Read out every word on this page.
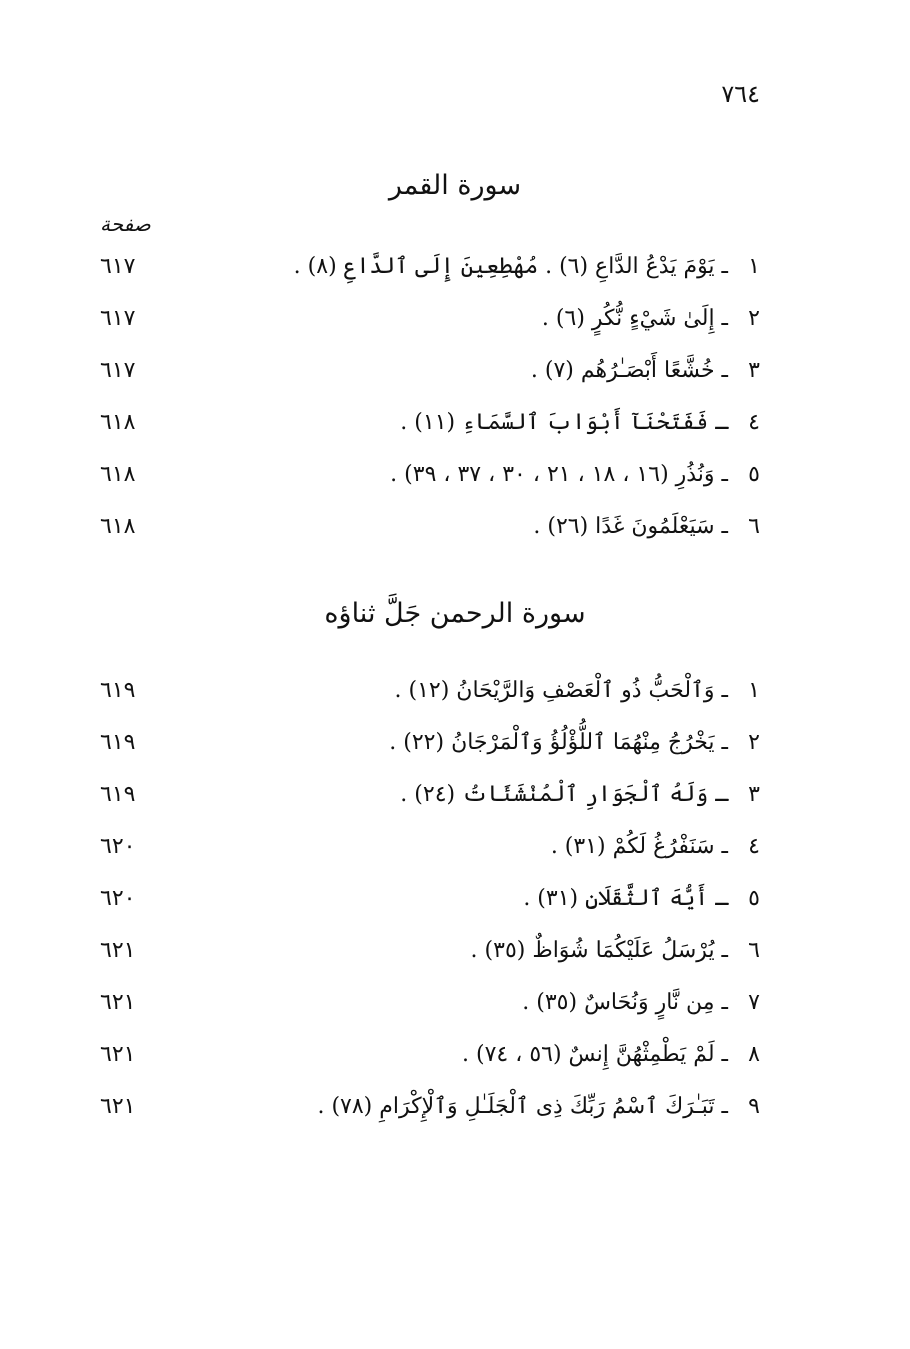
٧٦٤
سورة القمر
صفحة
١
ـ يَوْمَ يَدْعُ الدَّاعِ (٦) . مُهْطِعِينَ إِلَى ٱلدَّاعِ (٨) .
٦١٧
٢
ـ إِلَىٰ شَيْءٍ نُّكُرٍ (٦) .
٦١٧
٣
ـ خُشَّعًا أَبْصَـٰرُهُم (٧) .
٦١٧
٤
ـ فَفَتَحْنَآ أَبْوَابَ ٱلسَّمَاءِ (١١) .
٦١٨
٥
ـ وَنُذُرِ (١٦ ، ١٨ ، ٢١ ، ٣٠ ، ٣٧ ، ٣٩) .
٦١٨
٦
ـ سَيَعْلَمُونَ غَدًا (٢٦) .
٦١٨
سورة الرحمن جَلَّ ثناؤه
١
ـ وَٱلْحَبُّ ذُو ٱلْعَصْفِ وَالرَّيْحَانُ (١٢) .
٦١٩
٢
ـ يَخْرُجُ مِنْهُمَا ٱللُّؤْلُؤُ وَٱلْمَرْجَانُ (٢٢) .
٦١٩
٣
ـ وَلَهُ ٱلْجَوَارِ ٱلْمُنْشَئَاتُ (٢٤) .
٦١٩
٤
ـ سَنَفْرُغُ لَكُمْ (٣١) .
٦٢٠
٥
ـ أَيُّهَ ٱلثَّقَلَانِ (٣١) .
٦٢٠
٦
ـ يُرْسَلُ عَلَيْكُمَا شُوَاظٌ (٣٥) .
٦٢١
٧
ـ مِن نَّارٍ وَنُحَاسٌ (٣٥) .
٦٢١
٨
ـ لَمْ يَطْمِثْهُنَّ إِنسٌ (٥٦ ، ٧٤) .
٦٢١
٩
ـ تَبَـٰرَكَ ٱسْمُ رَبِّكَ ذِى ٱلْجَلَـٰلِ وَٱلْإِكْرَامِ (٧٨) .
٦٢١
